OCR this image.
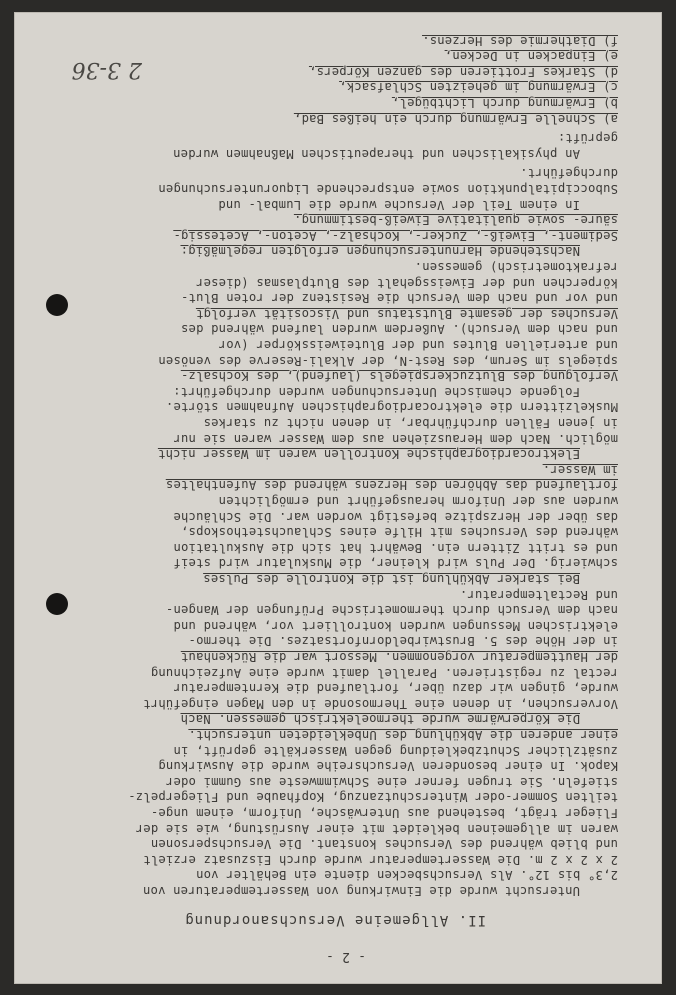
- 2 -
II. Allgemeine Versuchsanordnung
Untersucht wurde die Einwirkung von Wassertemperaturen von
2,3° bis 12°. Als Versuchsbecken diente ein Behälter von
2 x 2 x 2 m. Die Wassertemperatur wurde durch Eiszusatz erzielt
und blieb während des Versuches konstant. Die Versuchspersonen
waren im allgemeinen bekleidet mit einer Ausrüstung, wie sie der
Flieger trägt, bestehend aus Unterwäsche, Uniform, einem unge-
teilten Sommer-oder Winterschutzanzug, Kopfhaube und Fliegerpelz-
stiefeln. Sie trugen ferner eine Schwimmweste aus Gummi oder
Kapok. In einer besonderen Versuchsreihe wurde die Auswirkung
zusätzlicher Schutzbekleidung gegen Wasserkälte geprüft, in
einer anderen die Abkühlung des Unbekleideten untersucht.
Die Körperwärme wurde thermoelektrisch gemessen. Nach
Vorversuchen, in denen eine Thermosonde in den Magen eingeführt
wurde, gingen wir dazu über, fortlaufend die Kerntemperatur
rectal zu registrieren. Parallel damit wurde eine Aufzeichnung
der Hauttemperatur vorgenommen. Messort war die Rückenhaut
in der Höhe des 5. Brustwirbeldornfortsatzes. Die thermo-
elektrischen Messungen wurden kontrolliert vor, während und
nach dem Versuch durch thermometrische Prüfungen der Wangen-
und Rectaltemperatur.
Bei starker Abkühlung ist die Kontrolle des Pulses
schwierig. Der Puls wird kleiner, die Muskulatur wird steif
und es tritt Zittern ein. Bewährt hat sich die Auskultation
während des Versuches mit Hilfe eines Schlauchstethoskops,
das über der Herzspitze befestigt worden war. Die Schläuche
wurden aus der Uniform herausgeführt und ermöglichten
fortlaufend das Abhören des Herzens während des Aufenthaltes
im Wasser.
Elektrocardiographische Kontrollen waren im Wasser nicht
möglich. Nach dem Herausziehen aus dem Wasser waren sie nur
in jenen Fällen durchführbar, in denen nicht zu starkes
Muskelzittern die elektrocardiographischen Aufnahmen störte.
Folgende chemische Untersuchungen wurden durchgeführt:
Verfolgung des Blutzuckerspiegels (laufend), des Kochsalz-
spiegels im Serum, des Rest-N, der Alkali-Reserve des venösen
und arteriellen Blutes und der Bluteiweisskörper (vor
und nach dem Versuch). Außerdem wurden laufend während des
Versuches der gesamte Blutstatus und Viscosität verfolgt
und vor und nach dem Versuch die Resistenz der roten Blut-
körperchen und der Eiweissgehalt des Blutplasmas (dieser
refraktometrisch) gemessen.
Nachstehende Harnuntersuchungen erfolgten regelmäßig:
Sediment-, Eiweiß-, Zucker-, Kochsalz-, Aceton-, Acetessig-
säure- sowie qualitative Eiweiß-bestimmung.
In einem Teil der Versuche wurde die Lumbal- und
Suboccipitalpunktion sowie entsprechende Liquoruntersuchungen
durchgeführt.
An physikalischen und therapeutischen Maßnahmen wurden
geprüft:
a) Schnelle Erwärmung durch ein heißes Bad,
b) Erwärmung durch Lichtbügel,
c) Erwärmung im geheizten Schlafsack,
d) Starkes Frottieren des ganzen Körpers,
e) Einpacken in Decken,
f) Diathermie des Herzens.
2 3-36
